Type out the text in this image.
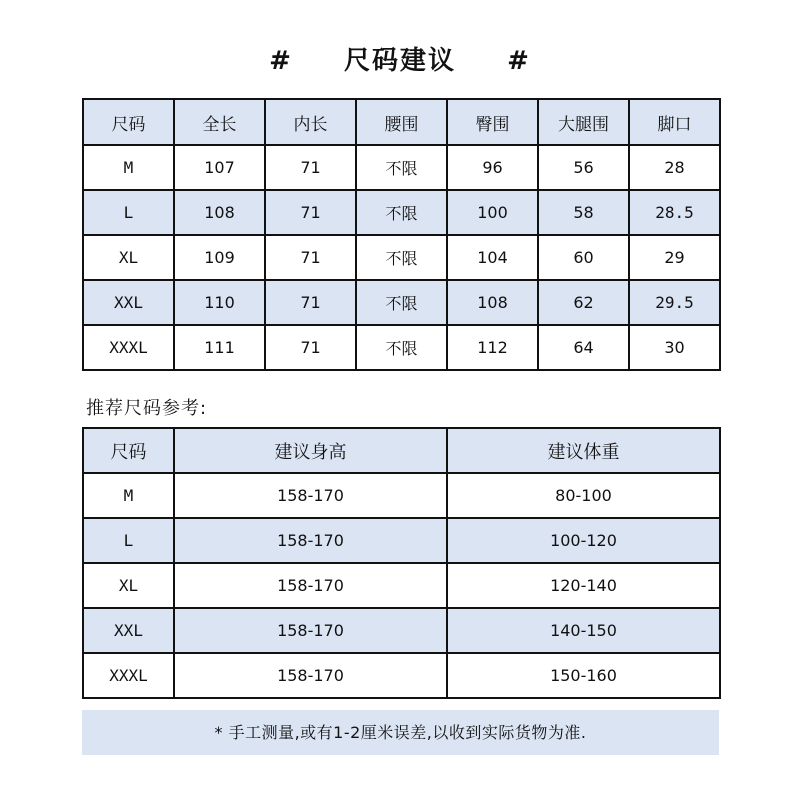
# 尺码建议 #
尺码	全长	内长	腰围	臀围	大腿围	脚口
M	107	71	不限	96	56	28
L	108	71	不限	100	58	28.5
XL	109	71	不限	104	60	29
XXL	110	71	不限	108	62	29.5
XXXL	111	71	不限	112	64	30
推荐尺码参考:
尺码	建议身高	建议体重
M	158-170	80-100
L	158-170	100-120
XL	158-170	120-140
XXL	158-170	140-150
XXXL	158-170	150-160
* 手工测量,或有1-2厘米误差,以收到实际货物为准.
